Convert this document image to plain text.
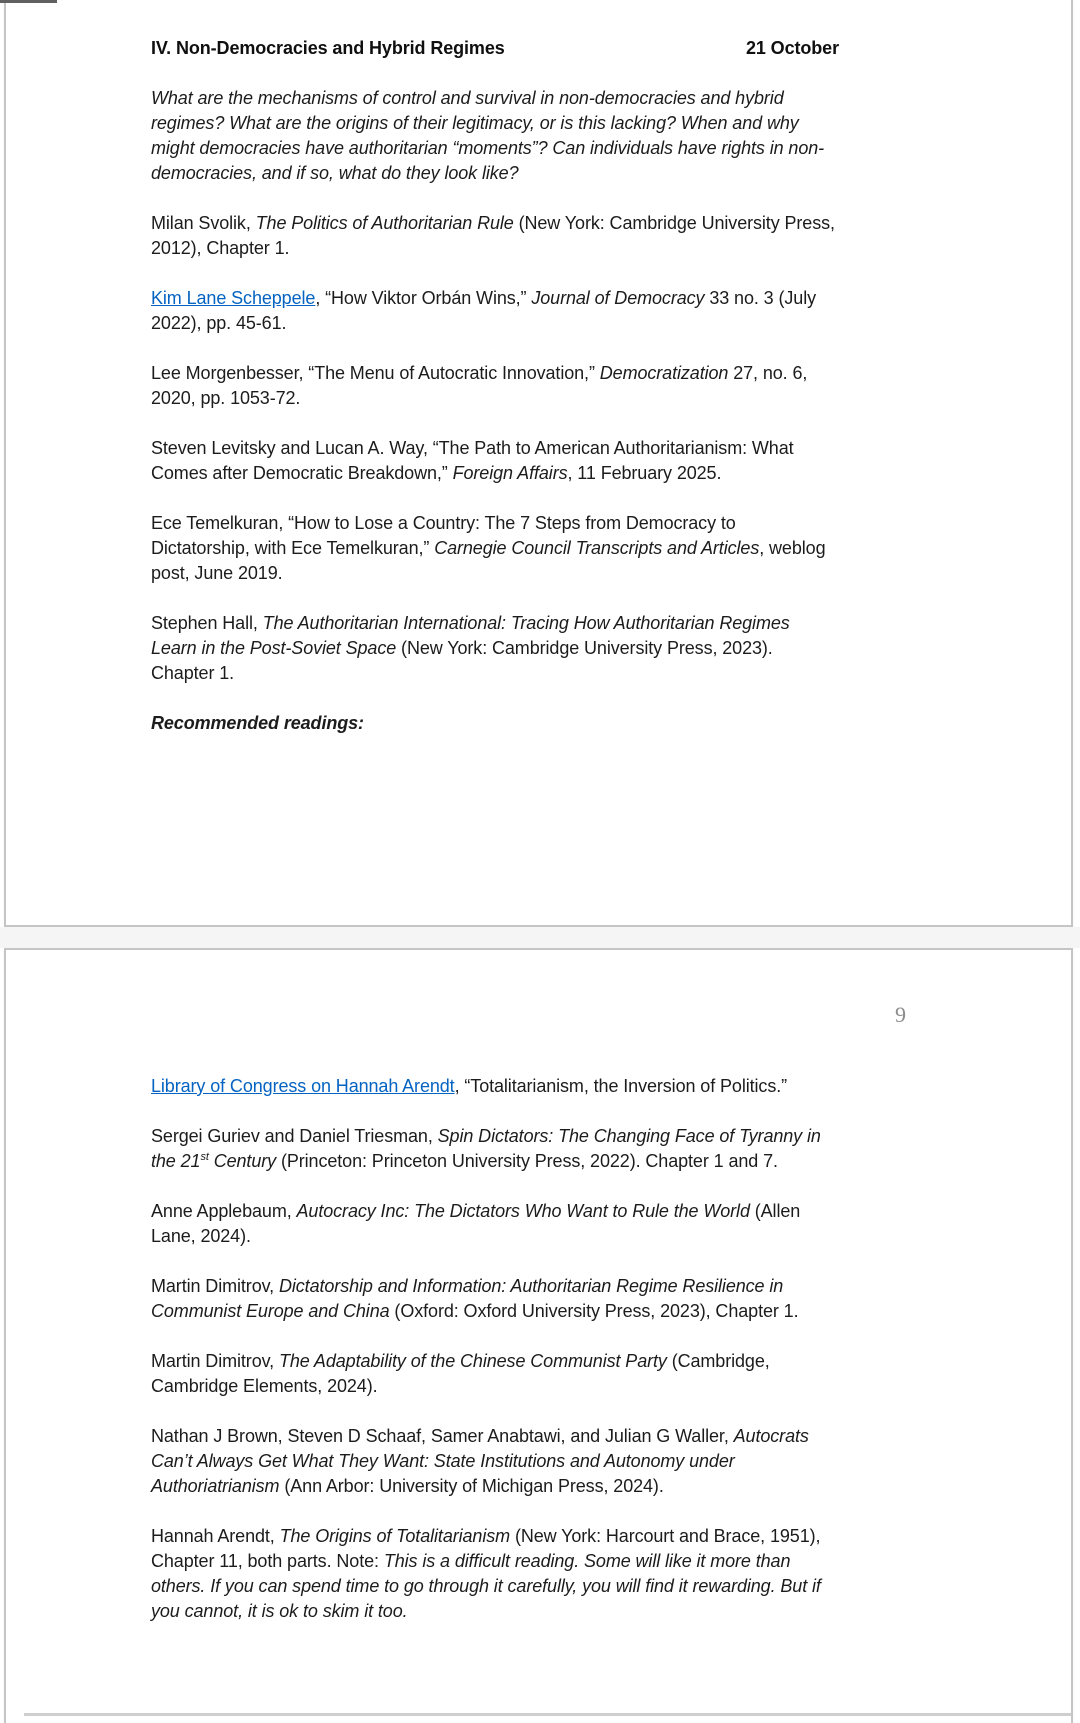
IV. Non-Democracies and Hybrid Regimes	21 October

What are the mechanisms of control and survival in non-democracies and hybrid regimes? What are the origins of their legitimacy, or is this lacking? When and why might democracies have authoritarian “moments”? Can individuals have rights in non-democracies, and if so, what do they look like?

Milan Svolik, The Politics of Authoritarian Rule (New York: Cambridge University Press, 2012), Chapter 1.

Kim Lane Scheppele, “How Viktor Orbán Wins,” Journal of Democracy 33 no. 3 (July 2022), pp. 45-61.

Lee Morgenbesser, “The Menu of Autocratic Innovation,” Democratization 27, no. 6, 2020, pp. 1053-72.

Steven Levitsky and Lucan A. Way, “The Path to American Authoritarianism: What Comes after Democratic Breakdown,” Foreign Affairs, 11 February 2025.

Ece Temelkuran, “How to Lose a Country: The 7 Steps from Democracy to Dictatorship, with Ece Temelkuran,” Carnegie Council Transcripts and Articles, weblog post, June 2019.

Stephen Hall, The Authoritarian International: Tracing How Authoritarian Regimes Learn in the Post-Soviet Space (New York: Cambridge University Press, 2023). Chapter 1.

Recommended readings:

9

Library of Congress on Hannah Arendt, “Totalitarianism, the Inversion of Politics.”

Sergei Guriev and Daniel Triesman, Spin Dictators: The Changing Face of Tyranny in the 21st Century (Princeton: Princeton University Press, 2022). Chapter 1 and 7.

Anne Applebaum, Autocracy Inc: The Dictators Who Want to Rule the World (Allen Lane, 2024).

Martin Dimitrov, Dictatorship and Information: Authoritarian Regime Resilience in Communist Europe and China (Oxford: Oxford University Press, 2023), Chapter 1.

Martin Dimitrov, The Adaptability of the Chinese Communist Party (Cambridge, Cambridge Elements, 2024).

Nathan J Brown, Steven D Schaaf, Samer Anabtawi, and Julian G Waller, Autocrats Can’t Always Get What They Want: State Institutions and Autonomy under Authoriatrianism (Ann Arbor: University of Michigan Press, 2024).

Hannah Arendt, The Origins of Totalitarianism (New York: Harcourt and Brace, 1951), Chapter 11, both parts. Note: This is a difficult reading. Some will like it more than others. If you can spend time to go through it carefully, you will find it rewarding. But if you cannot, it is ok to skim it too.
